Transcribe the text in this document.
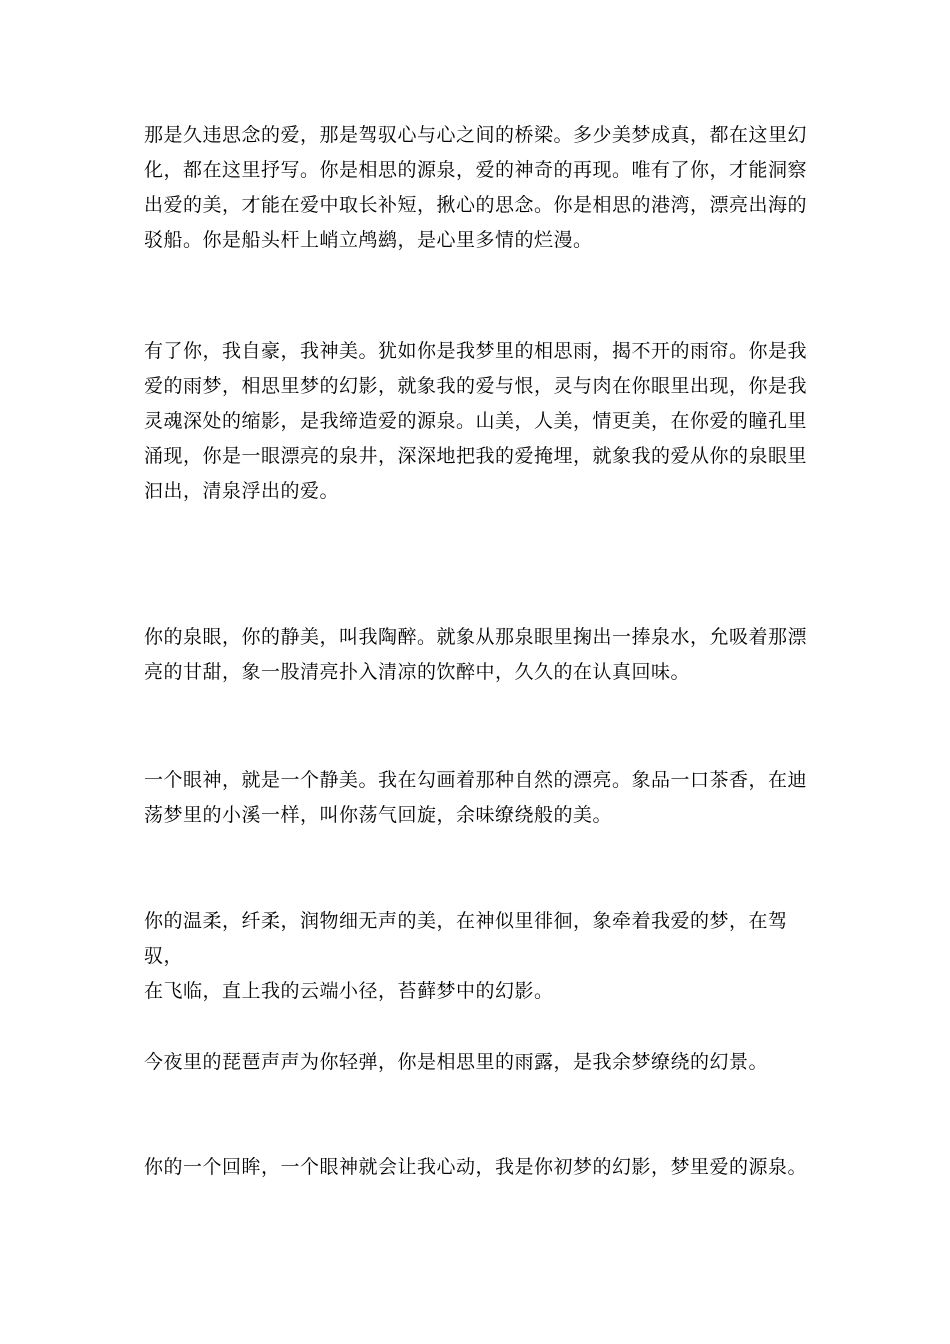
那是久违思念的爱，那是驾驭心与心之间的桥梁。多少美梦成真，都在这里幻
化，都在这里抒写。你是相思的源泉，爱的神奇的再现。唯有了你，才能洞察
出爱的美，才能在爱中取长补短，揪心的思念。你是相思的港湾，漂亮出海的
驳船。你是船头杆上峭立鸬鹚，是心里多情的烂漫。

有了你，我自豪，我神美。犹如你是我梦里的相思雨，揭不开的雨帘。你是我
爱的雨梦，相思里梦的幻影，就象我的爱与恨，灵与肉在你眼里出现，你是我
灵魂深处的缩影，是我缔造爱的源泉。山美，人美，情更美，在你爱的瞳孔里
涌现，你是一眼漂亮的泉井，深深地把我的爱掩埋，就象我的爱从你的泉眼里
汩出，清泉浮出的爱。

你的泉眼，你的静美，叫我陶醉。就象从那泉眼里掬出一捧泉水，允吸着那漂
亮的甘甜，象一股清亮扑入清凉的饮醉中，久久的在认真回味。

一个眼神，就是一个静美。我在勾画着那种自然的漂亮。象品一口茶香，在迪
荡梦里的小溪一样，叫你荡气回旋，余味缭绕般的美。

你的温柔，纤柔，润物细无声的美，在神似里徘徊，象牵着我爱的梦，在驾驭，
在飞临，直上我的云端小径，苔藓梦中的幻影。

今夜里的琵琶声声为你轻弹，你是相思里的雨露，是我余梦缭绕的幻景。

你的一个回眸，一个眼神就会让我心动，我是你初梦的幻影，梦里爱的源泉。
